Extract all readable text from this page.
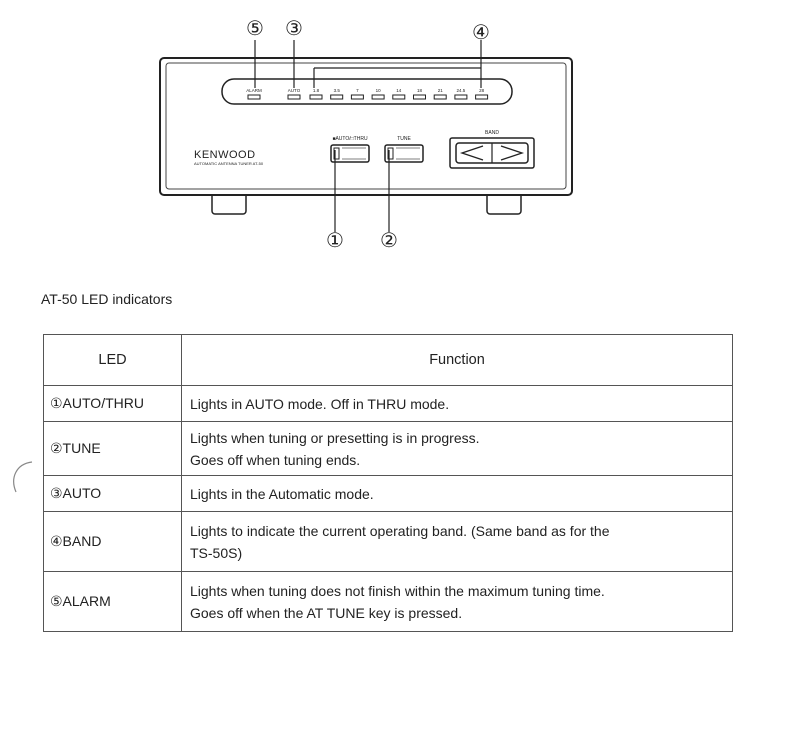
ALARM	AUTO	1.8	3.5	7	10	14	18	21	24.5	28
KENWOOD
AUTOMATIC ANTENNA TUNER AT-50
■AUTO/□THRU	TUNE
BAND
⑤ ③	④
① ②
AT-50 LED indicators
LED	Function
①AUTO/THRU	Lights in AUTO mode. Off in THRU mode.

②TUNE	Lights when tuning or presetting is in progress.
Goes off when tuning ends.

③AUTO	Lights in the Automatic mode.

④BAND	Lights to indicate the current operating band. (Same band as for the
TS-50S)

⑤ALARM	Lights when tuning does not finish within the maximum tuning time.
Goes off when the AT TUNE key is pressed.
